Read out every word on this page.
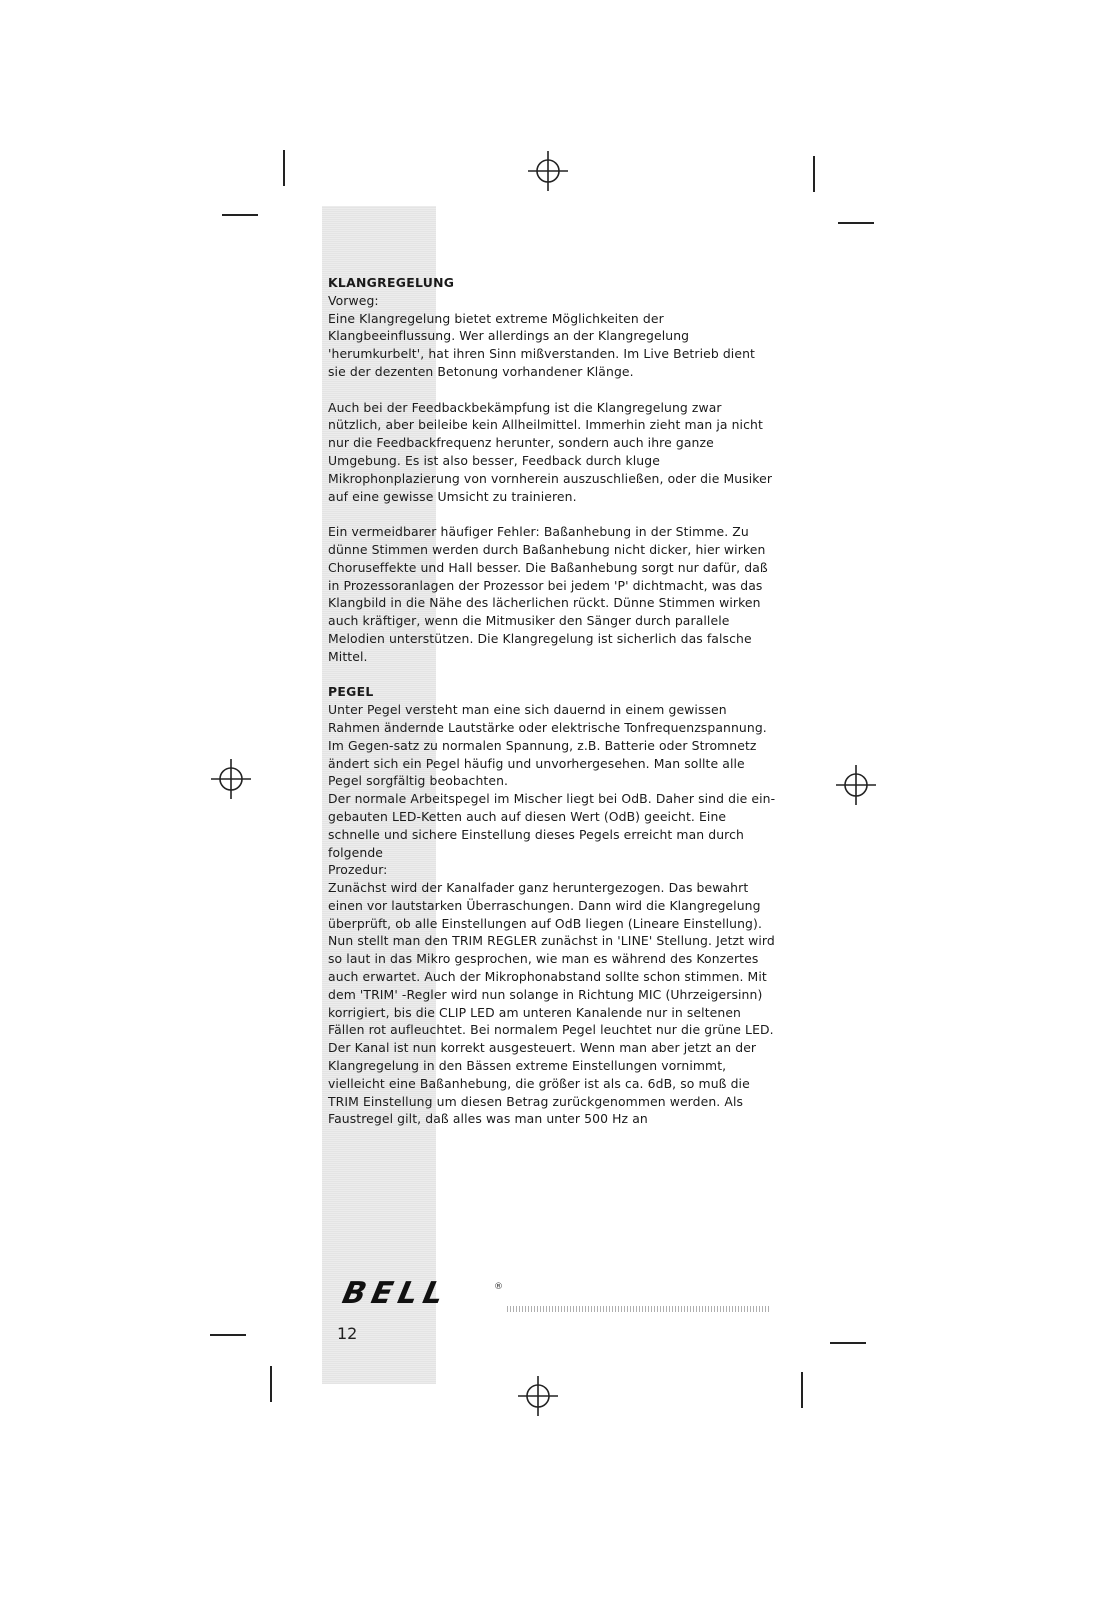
KLANGREGELUNG

Vorweg:

Eine Klangregelung bietet extreme Möglichkeiten der Klangbeeinflussung. Wer allerdings an der Klangregelung 'herumkurbelt', hat ihren Sinn mißverstanden. Im Live Betrieb dient sie der dezenten Betonung vorhandener Klänge.

Auch bei der Feedbackbekämpfung ist die Klangregelung zwar nützlich, aber beileibe kein Allheilmittel. Immerhin zieht man ja nicht nur die Feedbackfrequenz herunter, sondern auch ihre ganze Umgebung. Es ist also besser, Feedback durch kluge Mikrophonplazierung von vornherein auszuschließen, oder die Musiker auf eine gewisse Umsicht zu trainieren.

Ein vermeidbarer häufiger Fehler: Baßanhebung in der Stimme. Zu dünne Stimmen werden durch Baßanhebung nicht dicker, hier wirken Choruseffekte und Hall besser. Die Baßanhebung sorgt nur dafür, daß in Prozessoranlagen der Prozessor bei jedem 'P' dichtmacht, was das Klangbild in die Nähe des lächerlichen rückt. Dünne Stimmen wirken auch kräftiger, wenn die Mitmusiker den Sänger durch parallele Melodien unterstützen. Die Klangregelung ist sicherlich das falsche Mittel.

PEGEL

Unter Pegel versteht man eine sich dauernd in einem gewissen Rahmen ändernde Lautstärke oder elektrische Tonfrequenzspannung. Im Gegen-satz zu normalen Spannung, z.B. Batterie oder Stromnetz ändert sich ein Pegel häufig und unvorhergesehen. Man sollte alle Pegel sorgfältig beobachten.

Der normale Arbeitspegel im Mischer liegt bei OdB. Daher sind die ein-gebauten LED-Ketten auch auf diesen Wert (OdB) geeicht. Eine schnelle und sichere Einstellung dieses Pegels erreicht man durch folgende

Prozedur:

Zunächst wird der Kanalfader ganz heruntergezogen. Das bewahrt einen vor lautstarken Überraschungen. Dann wird die Klangregelung überprüft, ob alle Einstellungen auf OdB liegen (Lineare Einstellung).

Nun stellt man den TRIM REGLER zunächst in 'LINE' Stellung. Jetzt wird so laut in das Mikro gesprochen, wie man es während des Konzertes auch erwartet. Auch der Mikrophonabstand sollte schon stimmen. Mit dem 'TRIM' -Regler wird nun solange in Richtung MIC (Uhrzeigersinn) korrigiert, bis die CLIP LED am unteren Kanalende nur in seltenen Fällen rot aufleuchtet. Bei normalem Pegel leuchtet nur die grüne LED.

Der Kanal ist nun korrekt ausgesteuert. Wenn man aber jetzt an der Klangregelung in den Bässen extreme Einstellungen vornimmt, vielleicht eine Baßanhebung, die größer ist als ca. 6dB, so muß die TRIM Einstellung um diesen Betrag zurückgenommen werden. Als Faustregel gilt, daß alles was man unter 500 Hz an

BELL	®
12
